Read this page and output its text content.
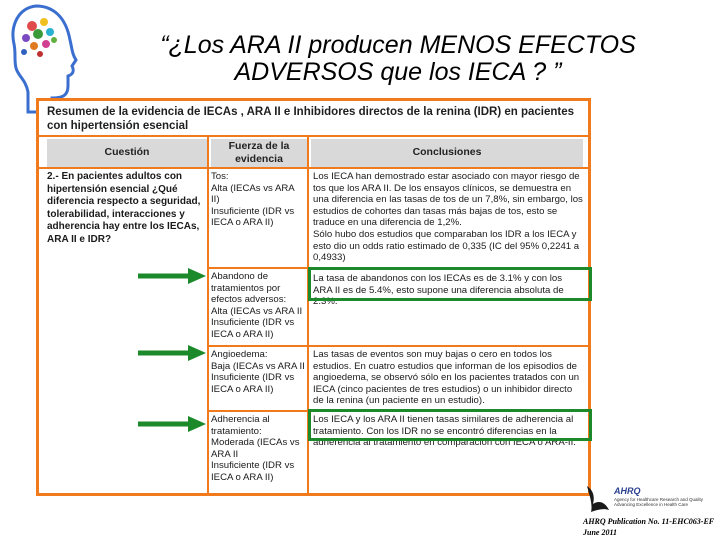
“¿Los ARA II producen MENOS EFECTOS
ADVERSOS que los IECA ? ”
Resumen de la evidencia de IECAs , ARA II e Inhibidores directos de la renina (IDR) en pacientes con hipertensión esencial
Cuestión	Fuerza de la evidencia
Conclusiones
2.- En pacientes adultos con hipertensión esencial ¿Qué diferencia respecto a seguridad, tolerabilidad, interacciones y adherencia hay entre los IECAs, ARA II e IDR?
Tos:
Alta (IECAs vs ARA II)
Insuficiente (IDR vs IECA o ARA II)
Los IECA han demostrado estar asociado con mayor riesgo de tos que los ARA II. De los ensayos clínicos, se demuestra en una diferencia en las tasas de tos de un 7,8%, sin embargo, los estudios de cohortes dan tasas más bajas de tos, esto se traduce en una diferencia de 1,2%.
Sólo hubo dos estudios que comparaban los IDR a los IECA y esto dio un odds ratio estimado de 0,335 (IC del 95% 0,2241 a 0,4933)
Abandono de tratamientos por efectos adversos:
Alta (IECAs vs ARA II
Insuficiente (IDR vs IECA o ARA II)
La tasa de abandonos con los IECAs es de 3.1% y con los ARA II es de 5.4%, esto supone una diferencia absoluta de 2.3%.
Angioedema:
Baja (IECAs vs ARA II
Insuficiente (IDR vs IECA o ARA II)
Las tasas de eventos son muy bajas o cero en todos los estudios. En cuatro estudios que informan de los episodios de angioedema, se observó sólo en los pacientes tratados con un IECA (cinco pacientes de tres estudios) o un inhibidor directo de la renina (un paciente en un estudio).
Adherencia al tratamiento:
Moderada (IECAs vs ARA II
Insuficiente (IDR vs IECA o ARA II)
Los IECA y los ARA II tienen tasas similares de adherencia al tratamiento. Con los IDR no se encontró diferencias en la adherencia al tratamiento en comparación con IECA o ARA-II.
AHRQ
Agency for Healthcare Research and Quality Advancing Excellence in Health Care
AHRQ Publication No. 11-EHC063-EF
June 2011
